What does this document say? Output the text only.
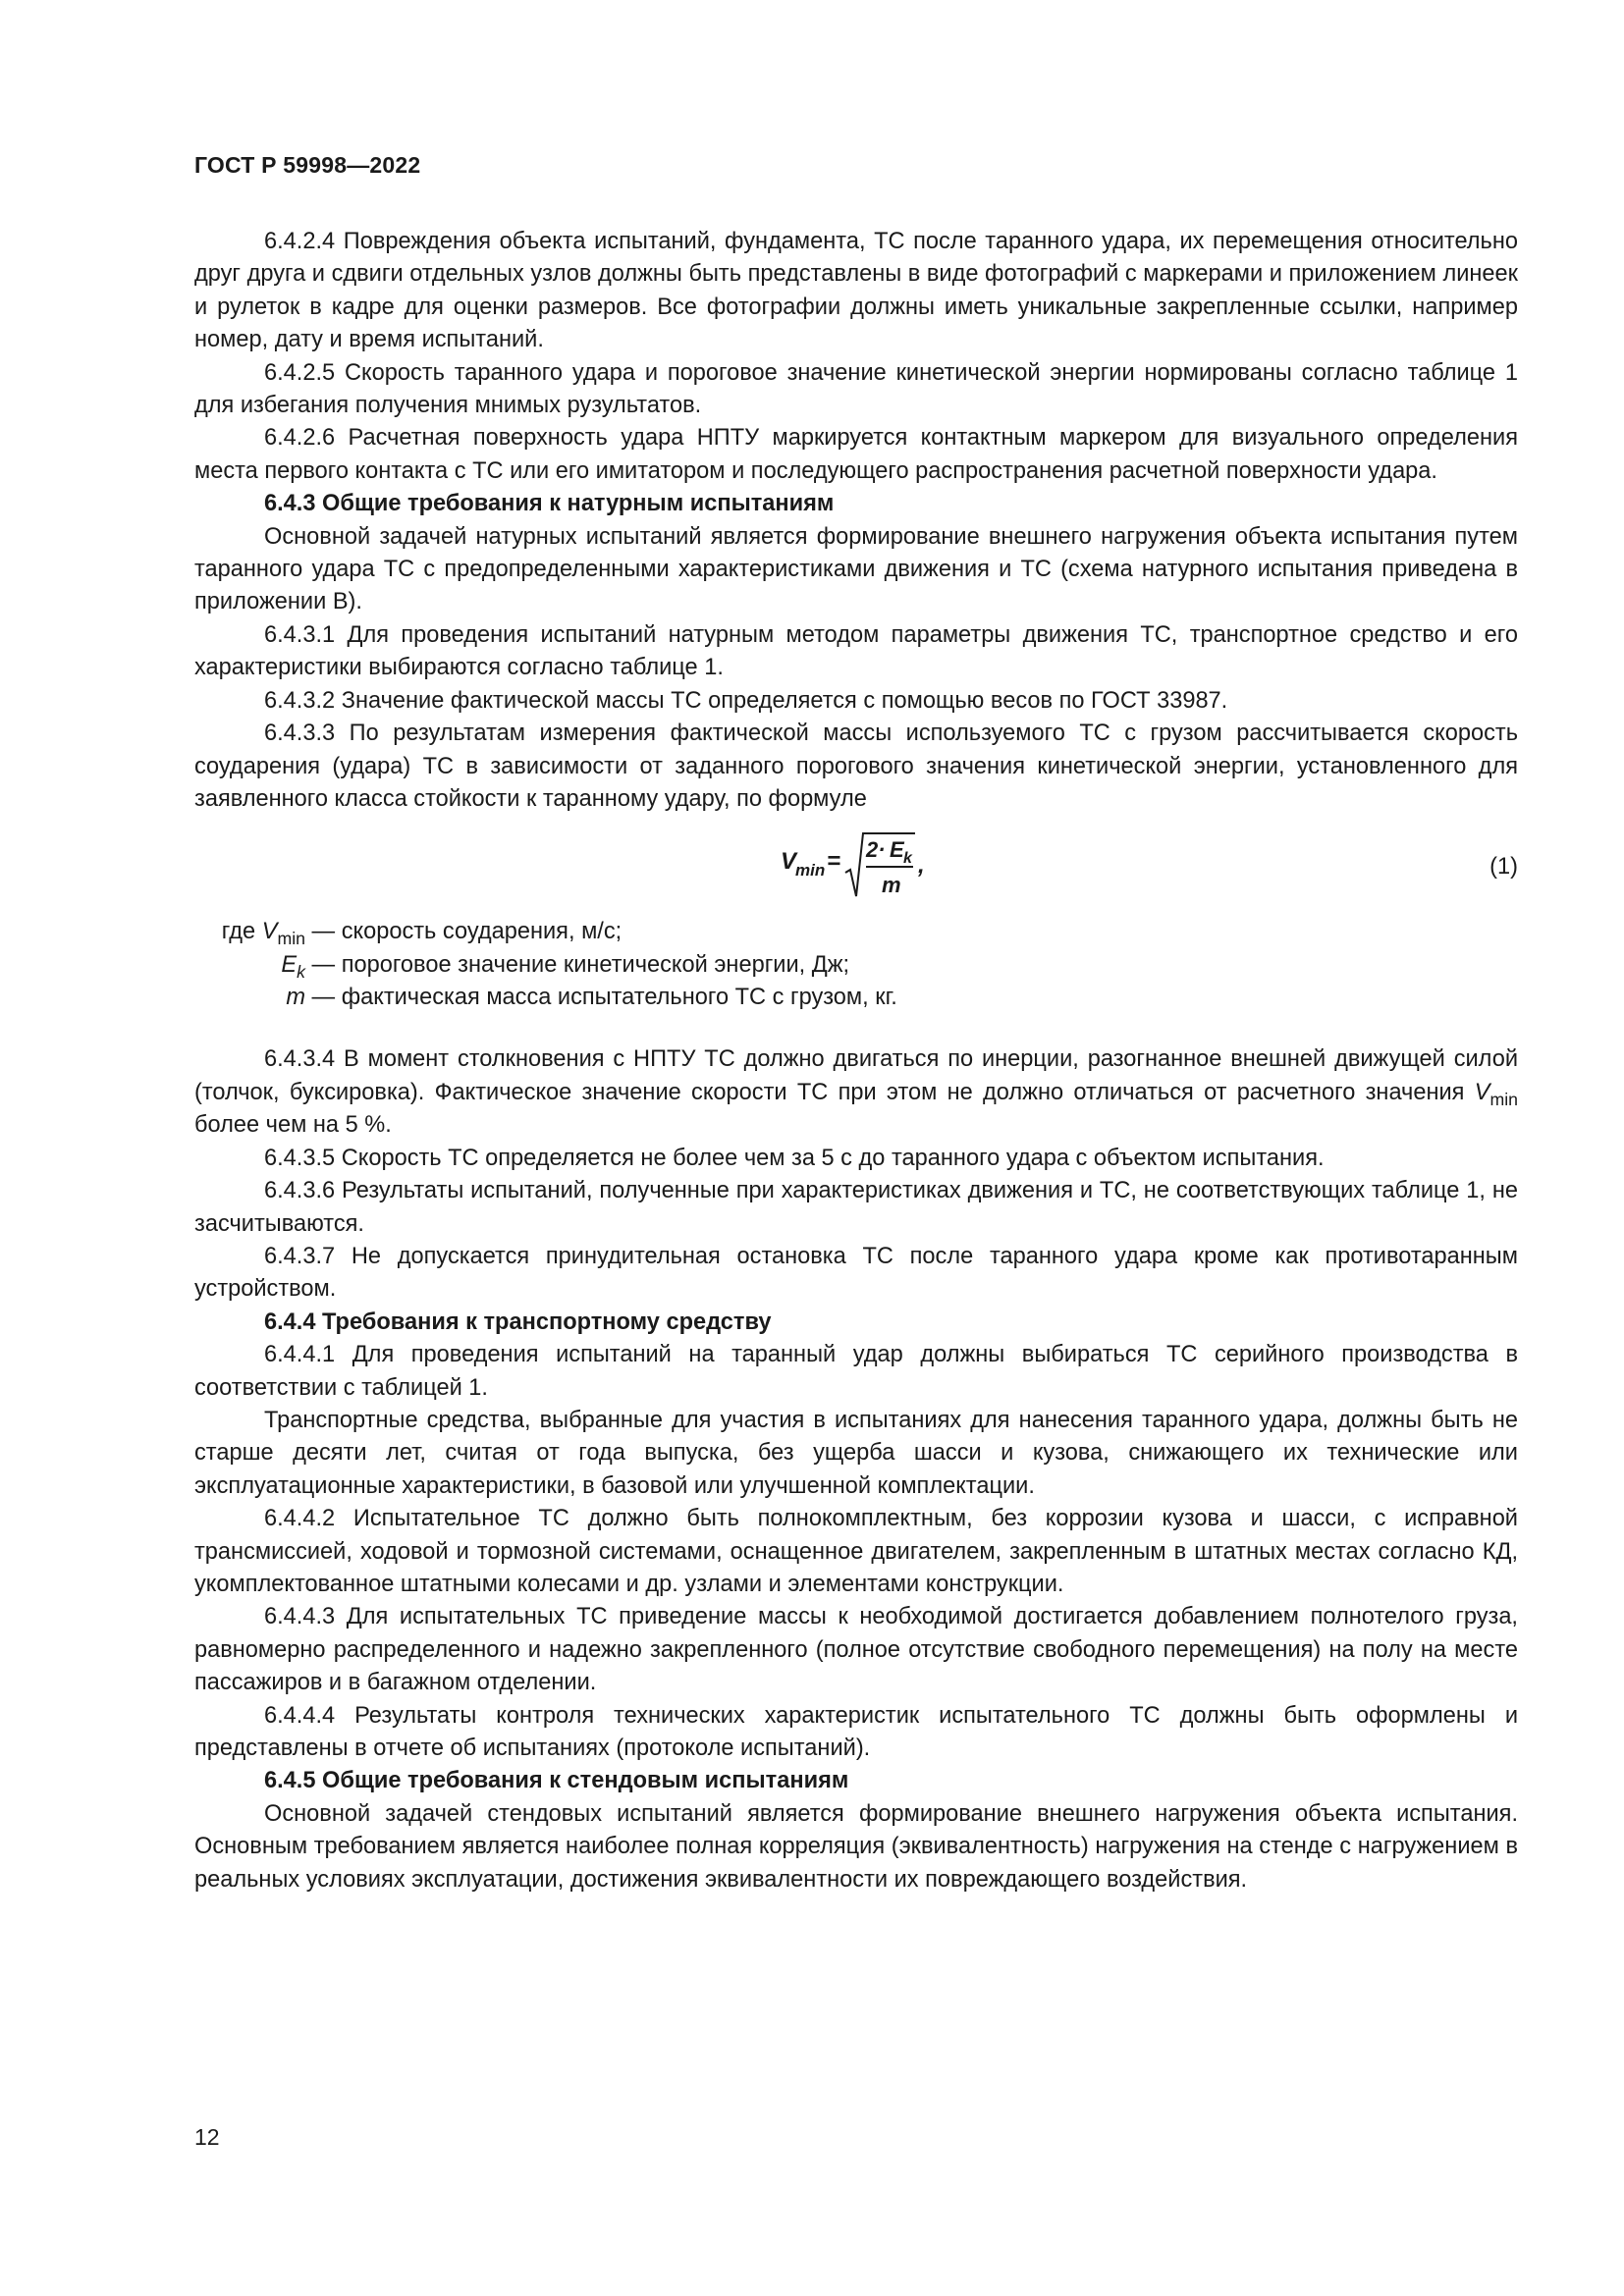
ГОСТ Р 59998—2022

6.4.2.4 Повреждения объекта испытаний, фундамента, ТС после таранного удара, их перемещения относительно друг друга и сдвиги отдельных узлов должны быть представлены в виде фотографий с маркерами и приложением линеек и рулеток в кадре для оценки размеров. Все фотографии должны иметь уникальные закрепленные ссылки, например номер, дату и время испытаний.

6.4.2.5 Скорость таранного удара и пороговое значение кинетической энергии нормированы согласно таблице 1 для избегания получения мнимых рузультатов.

6.4.2.6 Расчетная поверхность удара НПТУ маркируется контактным маркером для визуального определения места первого контакта с ТС или его имитатором и последующего распространения расчетной поверхности удара.

6.4.3 Общие требования к натурным испытаниям

Основной задачей натурных испытаний является формирование внешнего нагружения объекта испытания путем таранного удара ТС с предопределенными характеристиками движения и ТС (схема натурного испытания приведена в приложении В).

6.4.3.1 Для проведения испытаний натурным методом параметры движения ТС, транспортное средство и его характеристики выбираются согласно таблице 1.

6.4.3.2 Значение фактической массы ТС определяется с помощью весов по ГОСТ 33987.

6.4.3.3 По результатам измерения фактической массы используемого ТС с грузом рассчитывается скорость соударения (удара) ТС в зависимости от заданного порогового значения кинетической энергии, установленного для заявленного класса стойкости к таранному удару, по формуле

V
min = 2· E k
m
,	(1)
где $V_{min}$ — скорость соударения, м/с;
$E_k$ — пороговое значение кинетической энергии, Дж;
m — фактическая масса испытательного ТС с грузом, кг.

6.4.3.4 В момент столкновения с НПТУ ТС должно двигаться по инерции, разогнанное внешней движущей силой (толчок, буксировка). Фактическое значение скорости ТС при этом не должно отличаться от расчетного значения $V_{min}$ более чем на 5 %.

6.4.3.5 Скорость ТС определяется не более чем за 5 с до таранного удара с объектом испытания.

6.4.3.6 Результаты испытаний, полученные при характеристиках движения и ТС, не соответствующих таблице 1, не засчитываются.

6.4.3.7 Не допускается принудительная остановка ТС после таранного удара кроме как противотаранным устройством.

6.4.4 Требования к транспортному средству

6.4.4.1 Для проведения испытаний на таранный удар должны выбираться ТС серийного производства в соответствии с таблицей 1.

Транспортные средства, выбранные для участия в испытаниях для нанесения таранного удара, должны быть не старше десяти лет, считая от года выпуска, без ущерба шасси и кузова, снижающего их технические или эксплуатационные характеристики, в базовой или улучшенной комплектации.

6.4.4.2 Испытательное ТС должно быть полнокомплектным, без коррозии кузова и шасси, с исправной трансмиссией, ходовой и тормозной системами, оснащенное двигателем, закрепленным в штатных местах согласно КД, укомплектованное штатными колесами и др. узлами и элементами конструкции.

6.4.4.3 Для испытательных ТС приведение массы к необходимой достигается добавлением полнотелого груза, равномерно распределенного и надежно закрепленного (полное отсутствие свободного перемещения) на полу на месте пассажиров и в багажном отделении.

6.4.4.4 Результаты контроля технических характеристик испытательного ТС должны быть оформлены и представлены в отчете об испытаниях (протоколе испытаний).

6.4.5 Общие требования к стендовым испытаниям

Основной задачей стендовых испытаний является формирование внешнего нагружения объекта испытания. Основным требованием является наиболее полная корреляция (эквивалентность) нагружения на стенде с нагружением в реальных условиях эксплуатации, достижения эквивалентности их повреждающего воздействия.

12
